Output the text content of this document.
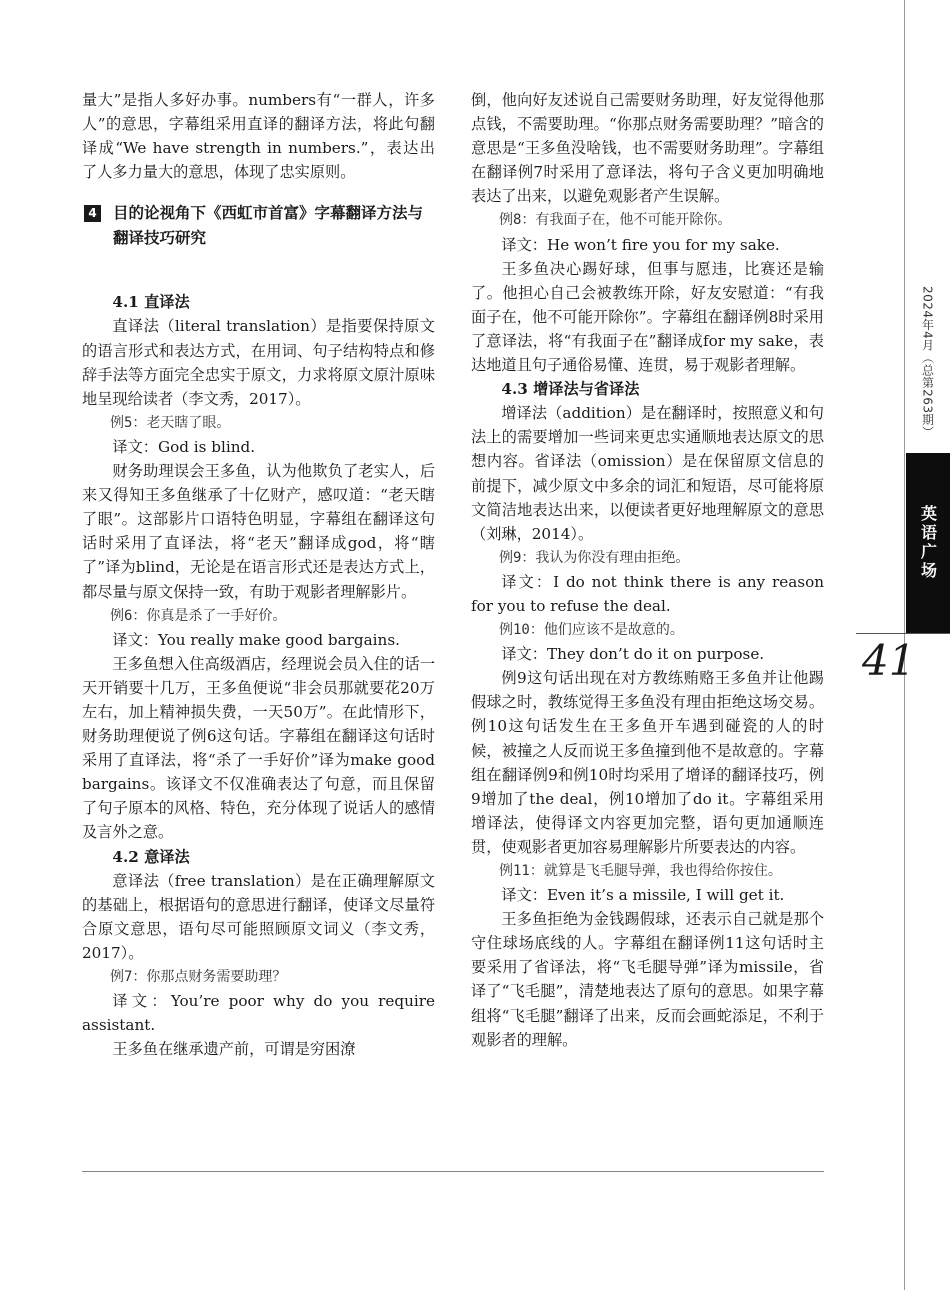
量大”是指人多好办事。numbers有“一群人，许多人”的意思，字幕组采用直译的翻译方法，将此句翻译成“We have strength in numbers.”，表达出了人多力量大的意思，体现了忠实原则。

4 目的论视角下《西虹市首富》字幕翻译方法与翻译技巧研究

4.1 直译法

直译法（literal translation）是指要保持原文的语言形式和表达方式，在用词、句子结构特点和修辞手法等方面完全忠实于原文，力求将原文原汁原味地呈现给读者（李文秀，2017）。

例5：老天瞎了眼。

译文：God is blind.

财务助理误会王多鱼，认为他欺负了老实人，后来又得知王多鱼继承了十亿财产，感叹道：“老天瞎了眼”。这部影片口语特色明显，字幕组在翻译这句话时采用了直译法，将“老天”翻译成god，将“瞎了”译为blind，无论是在语言形式还是表达方式上，都尽量与原文保持一致，有助于观影者理解影片。

例6：你真是杀了一手好价。

译文：You really make good bargains.

王多鱼想入住高级酒店，经理说会员入住的话一天开销要十几万，王多鱼便说“非会员那就要花20万左右，加上精神损失费，一天50万”。在此情形下，财务助理便说了例6这句话。字幕组在翻译这句话时采用了直译法，将“杀了一手好价”译为make good bargains。该译文不仅准确表达了句意，而且保留了句子原本的风格、特色，充分体现了说话人的感情及言外之意。

4.2 意译法

意译法（free translation）是在正确理解原文的基础上，根据语句的意思进行翻译，使译文尽量符合原文意思，语句尽可能照顾原文词义（李文秀，2017）。

例7：你那点财务需要助理？

译文：You’re poor why do you require assistant.

王多鱼在继承遗产前，可谓是穷困潦

倒，他向好友述说自己需要财务助理，好友觉得他那点钱，不需要助理。“你那点财务需要助理？”暗含的意思是“王多鱼没啥钱，也不需要财务助理”。字幕组在翻译例7时采用了意译法，将句子含义更加明确地表达了出来，以避免观影者产生误解。

例8：有我面子在，他不可能开除你。

译文：He won’t fire you for my sake.

王多鱼决心踢好球，但事与愿违，比赛还是输了。他担心自己会被教练开除，好友安慰道：“有我面子在，他不可能开除你”。字幕组在翻译例8时采用了意译法，将“有我面子在”翻译成for my sake，表达地道且句子通俗易懂、连贯，易于观影者理解。

4.3 增译法与省译法

增译法（addition）是在翻译时，按照意义和句法上的需要增加一些词来更忠实通顺地表达原文的思想内容。省译法（omission）是在保留原文信息的前提下，减少原文中多余的词汇和短语，尽可能将原文简洁地表达出来，以便读者更好地理解原文的意思（刘琳，2014）。

例9：我认为你没有理由拒绝。

译文：I do not think there is any reason for you to refuse the deal.

例10：他们应该不是故意的。

译文：They don’t do it on purpose.

例9这句话出现在对方教练贿赂王多鱼并让他踢假球之时，教练觉得王多鱼没有理由拒绝这场交易。例10这句话发生在王多鱼开车遇到碰瓷的人的时候，被撞之人反而说王多鱼撞到他不是故意的。字幕组在翻译例9和例10时均采用了增译的翻译技巧，例9增加了the deal，例10增加了do it。字幕组采用增译法，使得译文内容更加完整，语句更加通顺连贯，使观影者更加容易理解影片所要表达的内容。

例11：就算是飞毛腿导弹，我也得给你按住。

译文：Even it’s a missile, I will get it.

王多鱼拒绝为金钱踢假球，还表示自己就是那个守住球场底线的人。字幕组在翻译例11这句话时主要采用了省译法，将“飞毛腿导弹”译为missile，省译了“飞毛腿”，清楚地表达了原句的意思。如果字幕组将“飞毛腿”翻译了出来，反而会画蛇添足，不利于观影者的理解。

2024年4月（总第263期）
英语广场
41
